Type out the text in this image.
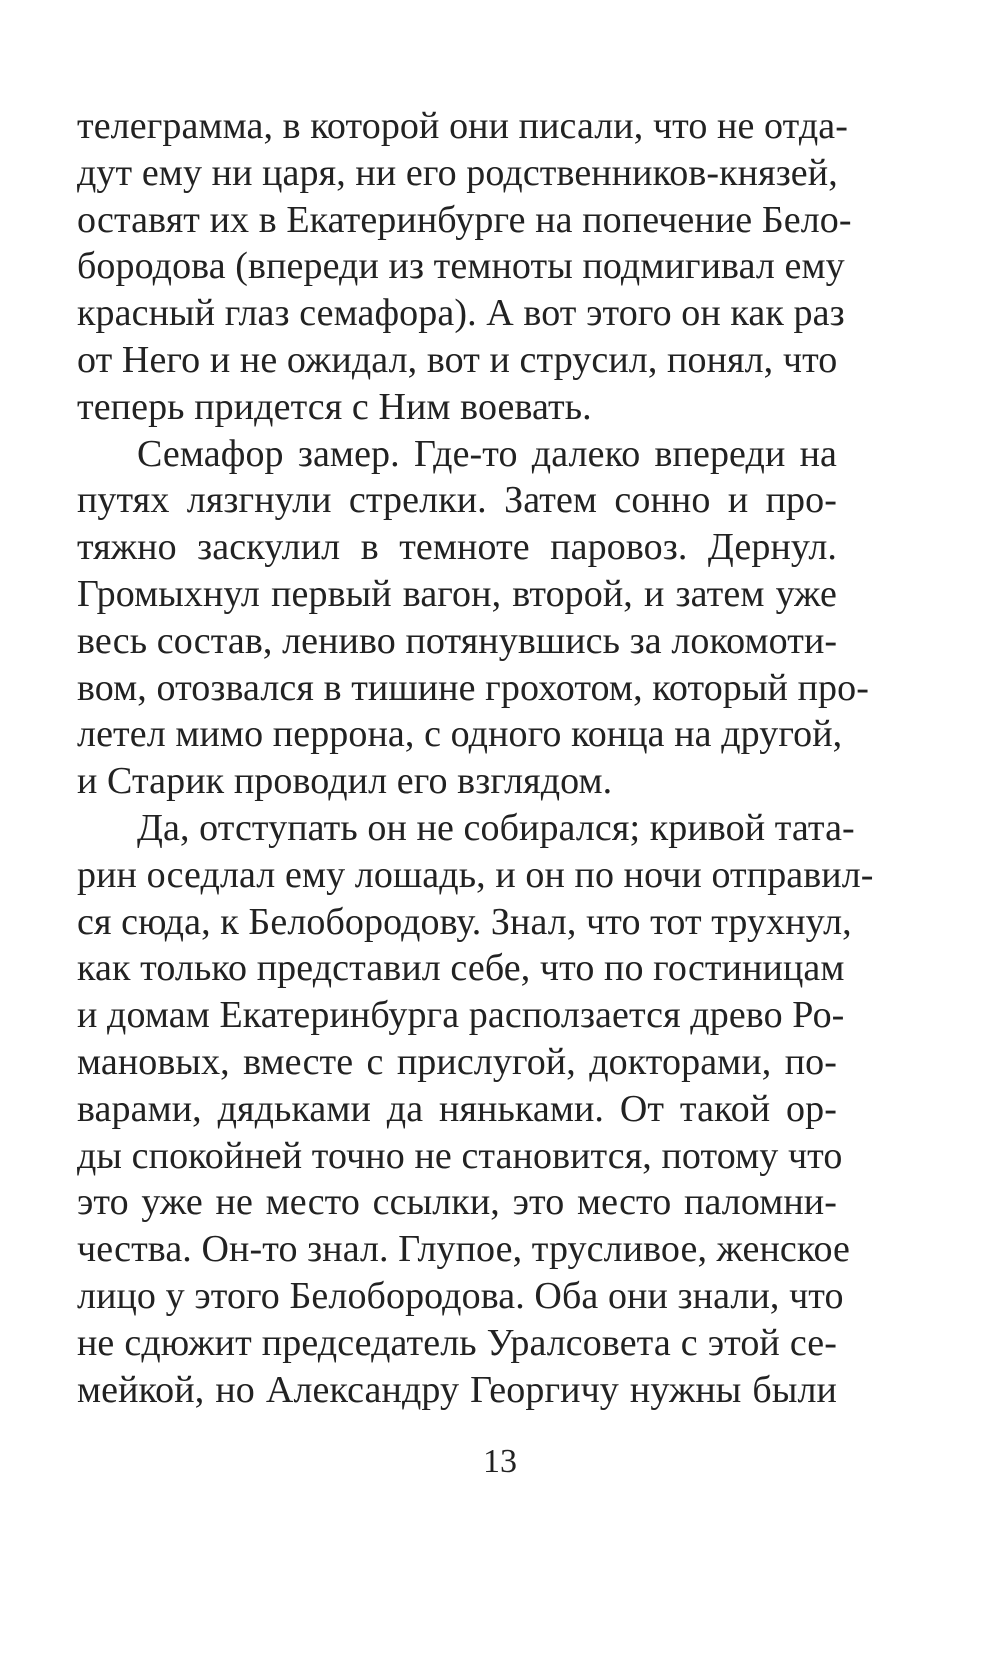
телеграмма, в которой они писали, что не отда-
дут ему ни царя, ни его родственников-князей,
оставят их в Екатеринбурге на попечение Бело-
бородова (впереди из темноты подмигивал ему
красный глаз семафора). А вот этого он как раз
от Него и не ожидал, вот и струсил, понял, что
теперь придется с Ним воевать.
Семафор замер. Где-то далеко впереди на
путях лязгнули стрелки. Затем сонно и про-
тяжно заскулил в темноте паровоз. Дернул.
Громыхнул первый вагон, второй, и затем уже
весь состав, лениво потянувшись за локомоти-
вом, отозвался в тишине грохотом, который про-
летел мимо перрона, с одного конца на другой,
и Старик проводил его взглядом.
Да, отступать он не собирался; кривой тата-
рин оседлал ему лошадь, и он по ночи отправил-
ся сюда, к Белобородову. Знал, что тот трухнул,
как только представил себе, что по гостиницам
и домам Екатеринбурга расползается древо Ро-
мановых, вместе с прислугой, докторами, по-
варами, дядьками да няньками. От такой ор-
ды спокойней точно не становится, потому что
это уже не место ссылки, это место паломни-
чества. Он-то знал. Глупое, трусливое, женское
лицо у этого Белобородова. Оба они знали, что
не сдюжит председатель Уралсовета с этой се-
мейкой, но Александру Георгичу нужны были
13
